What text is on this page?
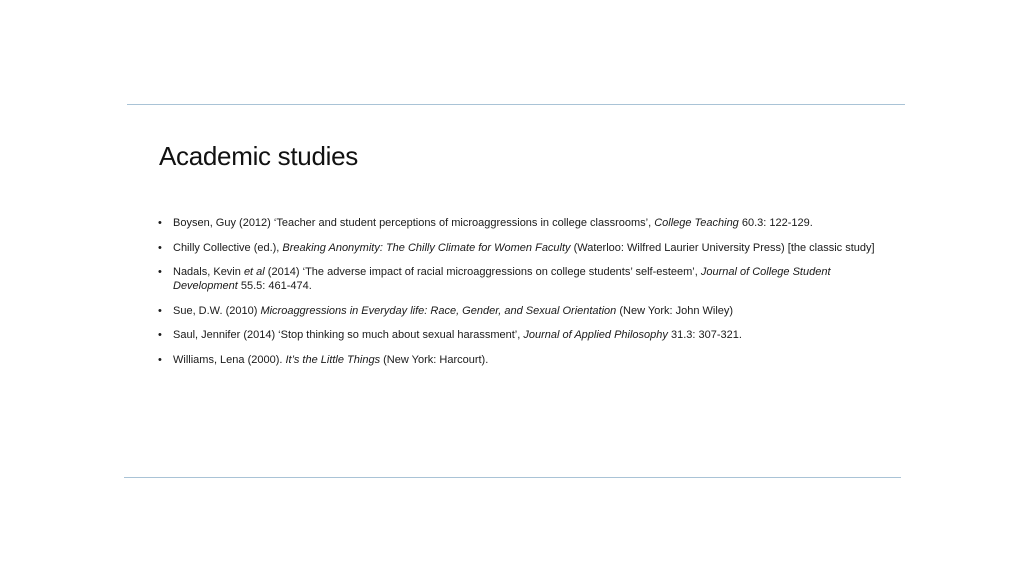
Academic studies
• Boysen, Guy (2012) ‘Teacher and student perceptions of microaggressions in college classrooms’, College Teaching 60.3: 122-129.
• Chilly Collective (ed.), Breaking Anonymity: The Chilly Climate for Women Faculty (Waterloo: Wilfred Laurier University Press) [the classic study]
• Nadals, Kevin et al (2014) ‘The adverse impact of racial microaggressions on college students’ self-esteem’, Journal of College Student Development 55.5: 461-474.
• Sue, D.W. (2010) Microaggressions in Everyday life: Race, Gender, and Sexual Orientation (New York: John Wiley)
• Saul, Jennifer (2014) ‘Stop thinking so much about sexual harassment’, Journal of Applied Philosophy 31.3: 307-321.
• Williams, Lena (2000). It’s the Little Things (New York: Harcourt).
